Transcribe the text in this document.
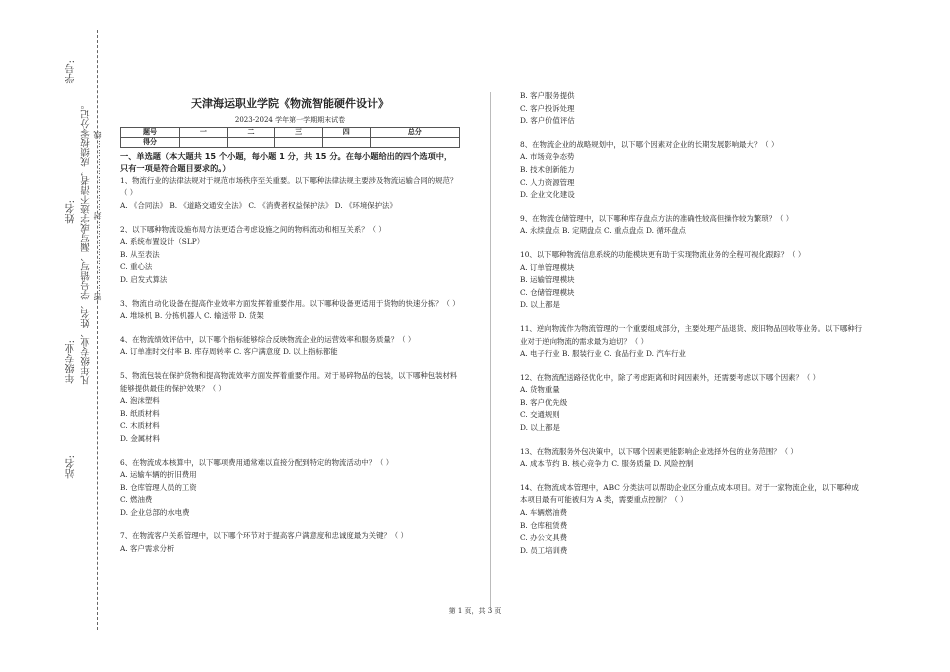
学号:
姓名:
年级专业:
站名:
凡年级专业、姓名、学号错写、漏写或字迹不清者，成绩按零分记。 密……………………封……………………线
天津海运职业学院《物流智能硬件设计》
2023-2024 学年第一学期期末试卷
题号	一	二	三	四	总分
得分					
一、单选题（本大题共 15 个小题，每小题 1 分，共 15 分。在每小题给出的四个选项中，只有一项是符合题目要求的。）
1、物流行业的法律法规对于规范市场秩序至关重要。以下哪种法律法规主要涉及物流运输合同的规范？（ ）
A. 《合同法》 B. 《道路交通安全法》 C. 《消费者权益保护法》 D. 《环境保护法》
2、以下哪种物流设施布局方法更适合考虑设施之间的物料流动和相互关系？（ ）
A. 系统布置设计（SLP）
B. 从至表法
C. 重心法
D. 启发式算法
3、物流自动化设备在提高作业效率方面发挥着重要作用。以下哪种设备更适用于货物的快速分拣？（ ）
A. 堆垛机 B. 分拣机器人 C. 输送带 D. 货架
4、在物流绩效评估中，以下哪个指标能够综合反映物流企业的运营效率和服务质量？（ ）
A. 订单准时交付率 B. 库存周转率 C. 客户满意度 D. 以上指标都能
5、物流包装在保护货物和提高物流效率方面发挥着重要作用。对于易碎物品的包装，以下哪种包装材料能够提供最佳的保护效果？（ ）
A. 泡沫塑料
B. 纸质材料
C. 木质材料
D. 金属材料
6、在物流成本核算中，以下哪项费用通常难以直接分配到特定的物流活动中？（ ）
A. 运输车辆的折旧费用
B. 仓库管理人员的工资
C. 燃油费
D. 企业总部的水电费
7、在物流客户关系管理中，以下哪个环节对于提高客户满意度和忠诚度最为关键？（ ）
A. 客户需求分析
B. 客户服务提供
C. 客户投诉处理
D. 客户价值评估
8、在物流企业的战略规划中，以下哪个因素对企业的长期发展影响最大？（ ）
A. 市场竞争态势
B. 技术创新能力
C. 人力资源管理
D. 企业文化建设
9、在物流仓储管理中，以下哪种库存盘点方法的准确性较高但操作较为繁琐？（ ）
A. 永续盘点 B. 定期盘点 C. 重点盘点 D. 循环盘点
10、以下哪种物流信息系统的功能模块更有助于实现物流业务的全程可视化跟踪？（ ）
A. 订单管理模块
B. 运输管理模块
C. 仓储管理模块
D. 以上都是
11、逆向物流作为物流管理的一个重要组成部分，主要处理产品退货、废旧物品回收等业务。以下哪种行业对于逆向物流的需求最为迫切？（ ）
A. 电子行业 B. 服装行业 C. 食品行业 D. 汽车行业
12、在物流配送路径优化中，除了考虑距离和时间因素外，还需要考虑以下哪个因素？（ ）
A. 货物重量
B. 客户优先级
C. 交通规则
D. 以上都是
13、在物流服务外包决策中，以下哪个因素更能影响企业选择外包的业务范围？（ ）
A. 成本节约 B. 核心竞争力 C. 服务质量 D. 风险控制
14、在物流成本管理中，ABC 分类法可以帮助企业区分重点成本项目。对于一家物流企业，以下哪种成本项目最有可能被归为 A 类，需要重点控制？（ ）
A. 车辆燃油费
B. 仓库租赁费
C. 办公文具费
D. 员工培训费
第 1 页，共 3 页
